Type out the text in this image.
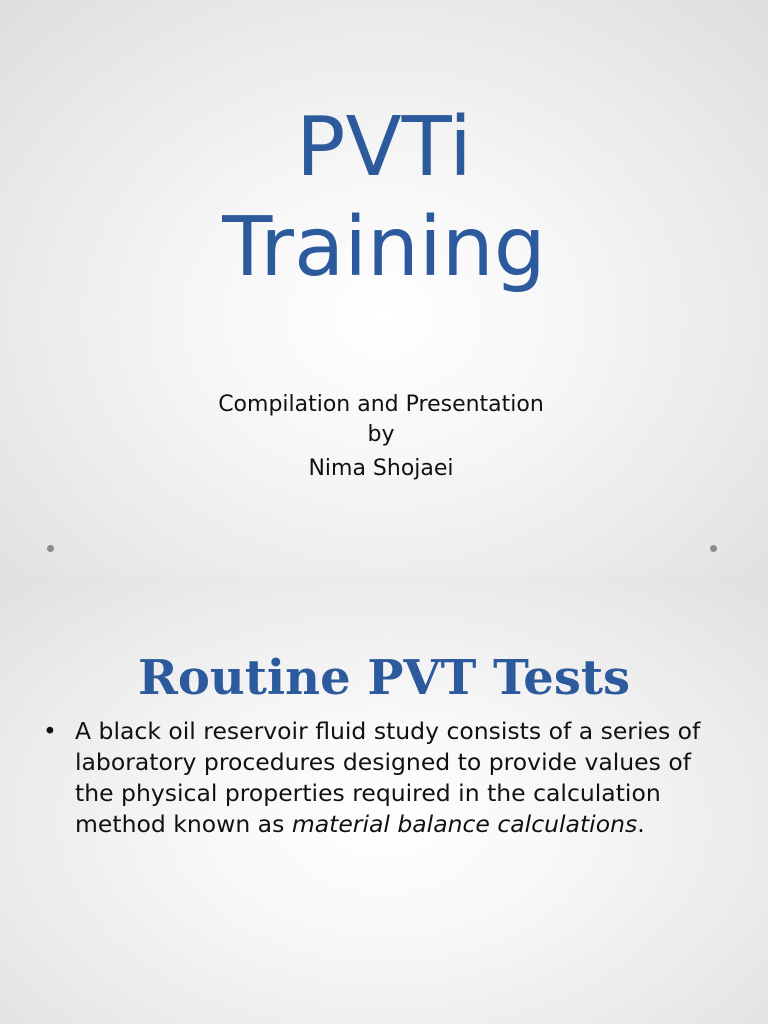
PVTi
Training
Compilation and Presentation
by
Nima Shojaei
Routine PVT Tests
• A black oil reservoir fluid study consists of a series of laboratory procedures designed to provide values of the physical properties required in the calculation method known as material balance calculations.
